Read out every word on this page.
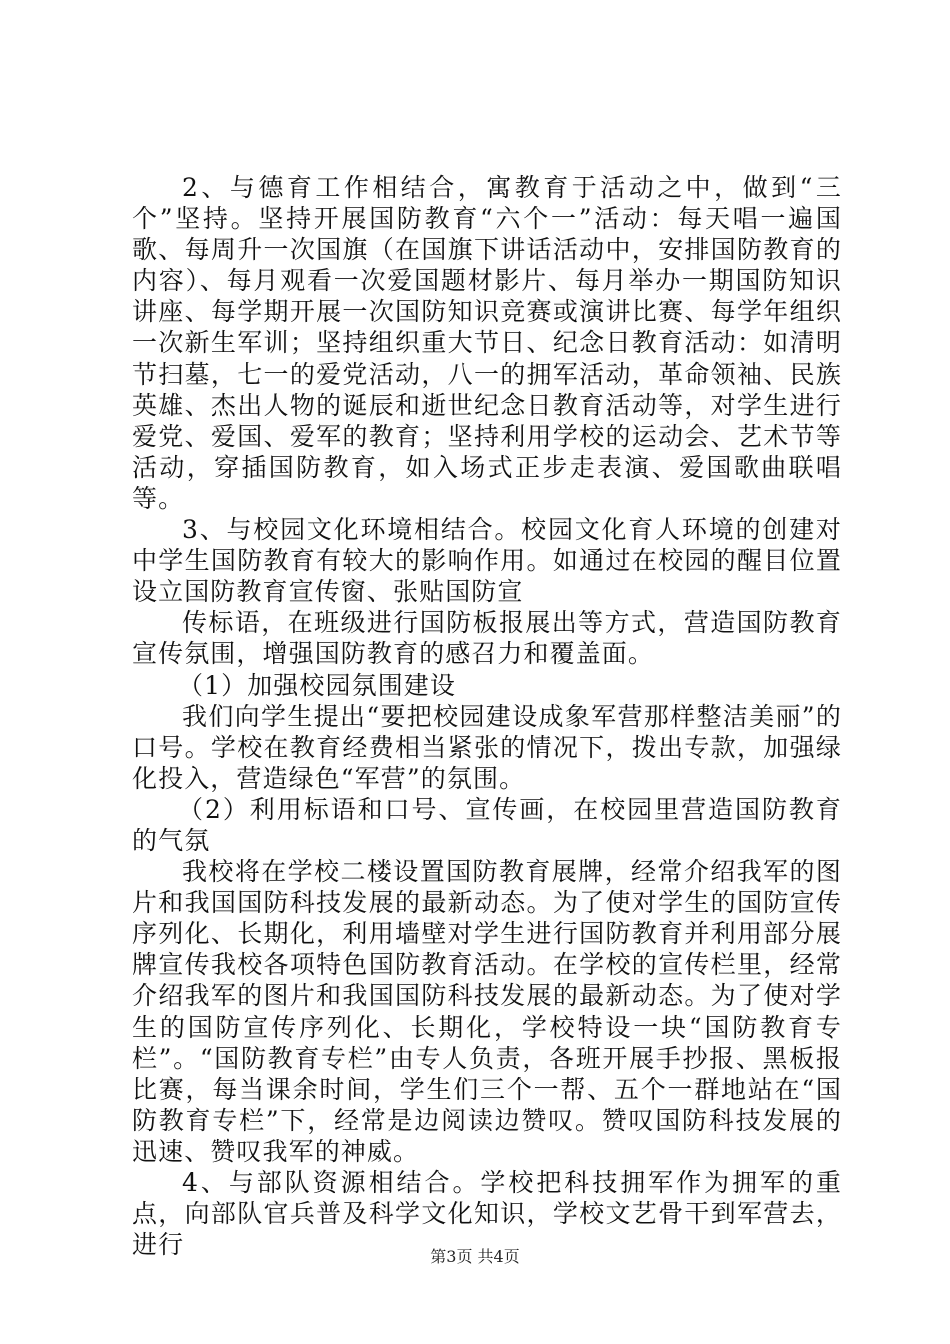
2、与德育工作相结合，寓教育于活动之中，做到“三个”坚持。坚持开展国防教育“六个一”活动：每天唱一遍国歌、每周升一次国旗（在国旗下讲话活动中，安排国防教育的内容）、每月观看一次爱国题材影片、每月举办一期国防知识讲座、每学期开展一次国防知识竞赛或演讲比赛、每学年组织一次新生军训；坚持组织重大节日、纪念日教育活动：如清明节扫墓，七一的爱党活动，八一的拥军活动，革命领袖、民族英雄、杰出人物的诞辰和逝世纪念日教育活动等，对学生进行爱党、爱国、爱军的教育；坚持利用学校的运动会、艺术节等活动，穿插国防教育，如入场式正步走表演、爱国歌曲联唱等。

3、与校园文化环境相结合。校园文化育人环境的创建对中学生国防教育有较大的影响作用。如通过在校园的醒目位置设立国防教育宣传窗、张贴国防宣

传标语，在班级进行国防板报展出等方式，营造国防教育宣传氛围，增强国防教育的感召力和覆盖面。

（1）加强校园氛围建设

我们向学生提出“要把校园建设成象军营那样整洁美丽”的口号。学校在教育经费相当紧张的情况下，拨出专款，加强绿化投入，营造绿色“军营”的氛围。

（2）利用标语和口号、宣传画，在校园里营造国防教育的气氛

我校将在学校二楼设置国防教育展牌，经常介绍我军的图片和我国国防科技发展的最新动态。为了使对学生的国防宣传序列化、长期化，利用墙壁对学生进行国防教育并利用部分展牌宣传我校各项特色国防教育活动。在学校的宣传栏里，经常介绍我军的图片和我国国防科技发展的最新动态。为了使对学生的国防宣传序列化、长期化，学校特设一块“国防教育专栏”。“国防教育专栏”由专人负责，各班开展手抄报、黑板报比赛，每当课余时间，学生们三个一帮、五个一群地站在“国防教育专栏”下，经常是边阅读边赞叹。赞叹国防科技发展的迅速、赞叹我军的神威。

4、与部队资源相结合。学校把科技拥军作为拥军的重点，向部队官兵普及科学文化知识，学校文艺骨干到军营去，进行	第3页 共4页
